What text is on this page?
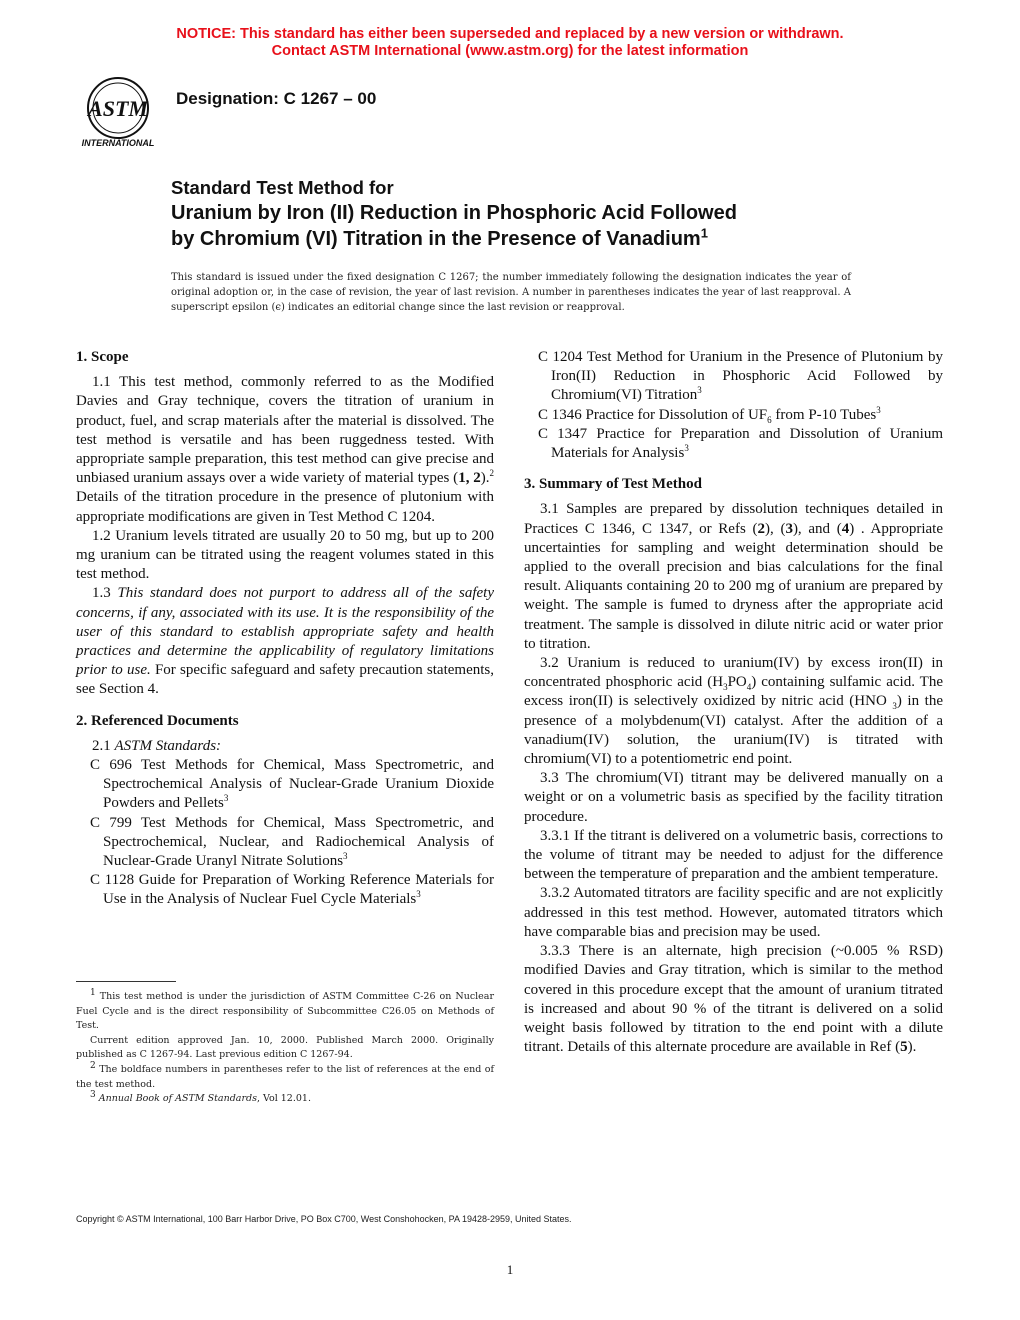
NOTICE: This standard has either been superseded and replaced by a new version or withdrawn.
Contact ASTM International (www.astm.org) for the latest information
ASTM
INTERNATIONAL
Designation: C 1267 – 00
Standard Test Method for
Uranium by Iron (II) Reduction in Phosphoric Acid Followed
by Chromium (VI) Titration in the Presence of Vanadium$^1$
This standard is issued under the fixed designation C 1267; the number immediately following the designation indicates the year of original adoption or, in the case of revision, the year of last revision. A number in parentheses indicates the year of last reapproval. A superscript epsilon (ϵ) indicates an editorial change since the last revision or reapproval.
1. Scope

1.1 This test method, commonly referred to as the Modified Davies and Gray technique, covers the titration of uranium in product, fuel, and scrap materials after the material is dissolved. The test method is versatile and has been ruggedness tested. With appropriate sample preparation, this test method can give precise and unbiased uranium assays over a wide variety of material types (1, 2).$^2$ Details of the titration procedure in the presence of plutonium with appropriate modifications are given in Test Method C 1204.

1.2 Uranium levels titrated are usually 20 to 50 mg, but up to 200 mg uranium can be titrated using the reagent volumes stated in this test method.

1.3 This standard does not purport to address all of the safety concerns, if any, associated with its use. It is the responsibility of the user of this standard to establish appropriate safety and health practices and determine the applicability of regulatory limitations prior to use. For specific safeguard and safety precaution statements, see Section 4.

2. Referenced Documents

2.1 ASTM Standards:

C 696 Test Methods for Chemical, Mass Spectrometric, and Spectrochemical Analysis of Nuclear-Grade Uranium Dioxide Powders and Pellets$^3$

C 799 Test Methods for Chemical, Mass Spectrometric, and Spectrochemical, Nuclear, and Radiochemical Analysis of Nuclear-Grade Uranyl Nitrate Solutions$^3$

C 1128 Guide for Preparation of Working Reference Materials for Use in the Analysis of Nuclear Fuel Cycle Materials$^3$

$^1$ This test method is under the jurisdiction of ASTM Committee C-26 on Nuclear Fuel Cycle and is the direct responsibility of Subcommittee C26.05 on Methods of Test.

Current edition approved Jan. 10, 2000. Published March 2000. Originally published as C 1267-94. Last previous edition C 1267-94.

$^2$ The boldface numbers in parentheses refer to the list of references at the end of the test method.

$^3$ Annual Book of ASTM Standards, Vol 12.01.

C 1204 Test Method for Uranium in the Presence of Plutonium by Iron(II) Reduction in Phosphoric Acid Followed by Chromium(VI) Titration$^3$

C 1346 Practice for Dissolution of $UF_6$ from P-10 Tubes$^3$

C 1347 Practice for Preparation and Dissolution of Uranium Materials for Analysis$^3$

3. Summary of Test Method

3.1 Samples are prepared by dissolution techniques detailed in Practices C 1346, C 1347, or Refs (2), (3), and (4) . Appropriate uncertainties for sampling and weight determination should be applied to the overall precision and bias calculations for the final result. Aliquants containing 20 to 200 mg of uranium are prepared by weight. The sample is fumed to dryness after the appropriate acid treatment. The sample is dissolved in dilute nitric acid or water prior to titration.

3.2 Uranium is reduced to uranium(IV) by excess iron(II) in concentrated phosphoric acid $(H_3PO_4)$ containing sulfamic acid. The excess iron(II) is selectively oxidized by nitric acid (HNO $_3$) in the presence of a molybdenum(VI) catalyst. After the addition of a vanadium(IV) solution, the uranium(IV) is titrated with chromium(VI) to a potentiometric end point.

3.3 The chromium(VI) titrant may be delivered manually on a weight or on a volumetric basis as specified by the facility titration procedure.

3.3.1 If the titrant is delivered on a volumetric basis, corrections to the volume of titrant may be needed to adjust for the difference between the temperature of preparation and the ambient temperature.

3.3.2 Automated titrators are facility specific and are not explicitly addressed in this test method. However, automated titrators which have comparable bias and precision may be used.

3.3.3 There is an alternate, high precision (~0.005 % RSD) modified Davies and Gray titration, which is similar to the method covered in this procedure except that the amount of uranium titrated is increased and about 90 % of the titrant is delivered on a solid weight basis followed by titration to the end point with a dilute titrant. Details of this alternate procedure are available in Ref (5).

Copyright © ASTM International, 100 Barr Harbor Drive, PO Box C700, West Conshohocken, PA 19428-2959, United States.
1
